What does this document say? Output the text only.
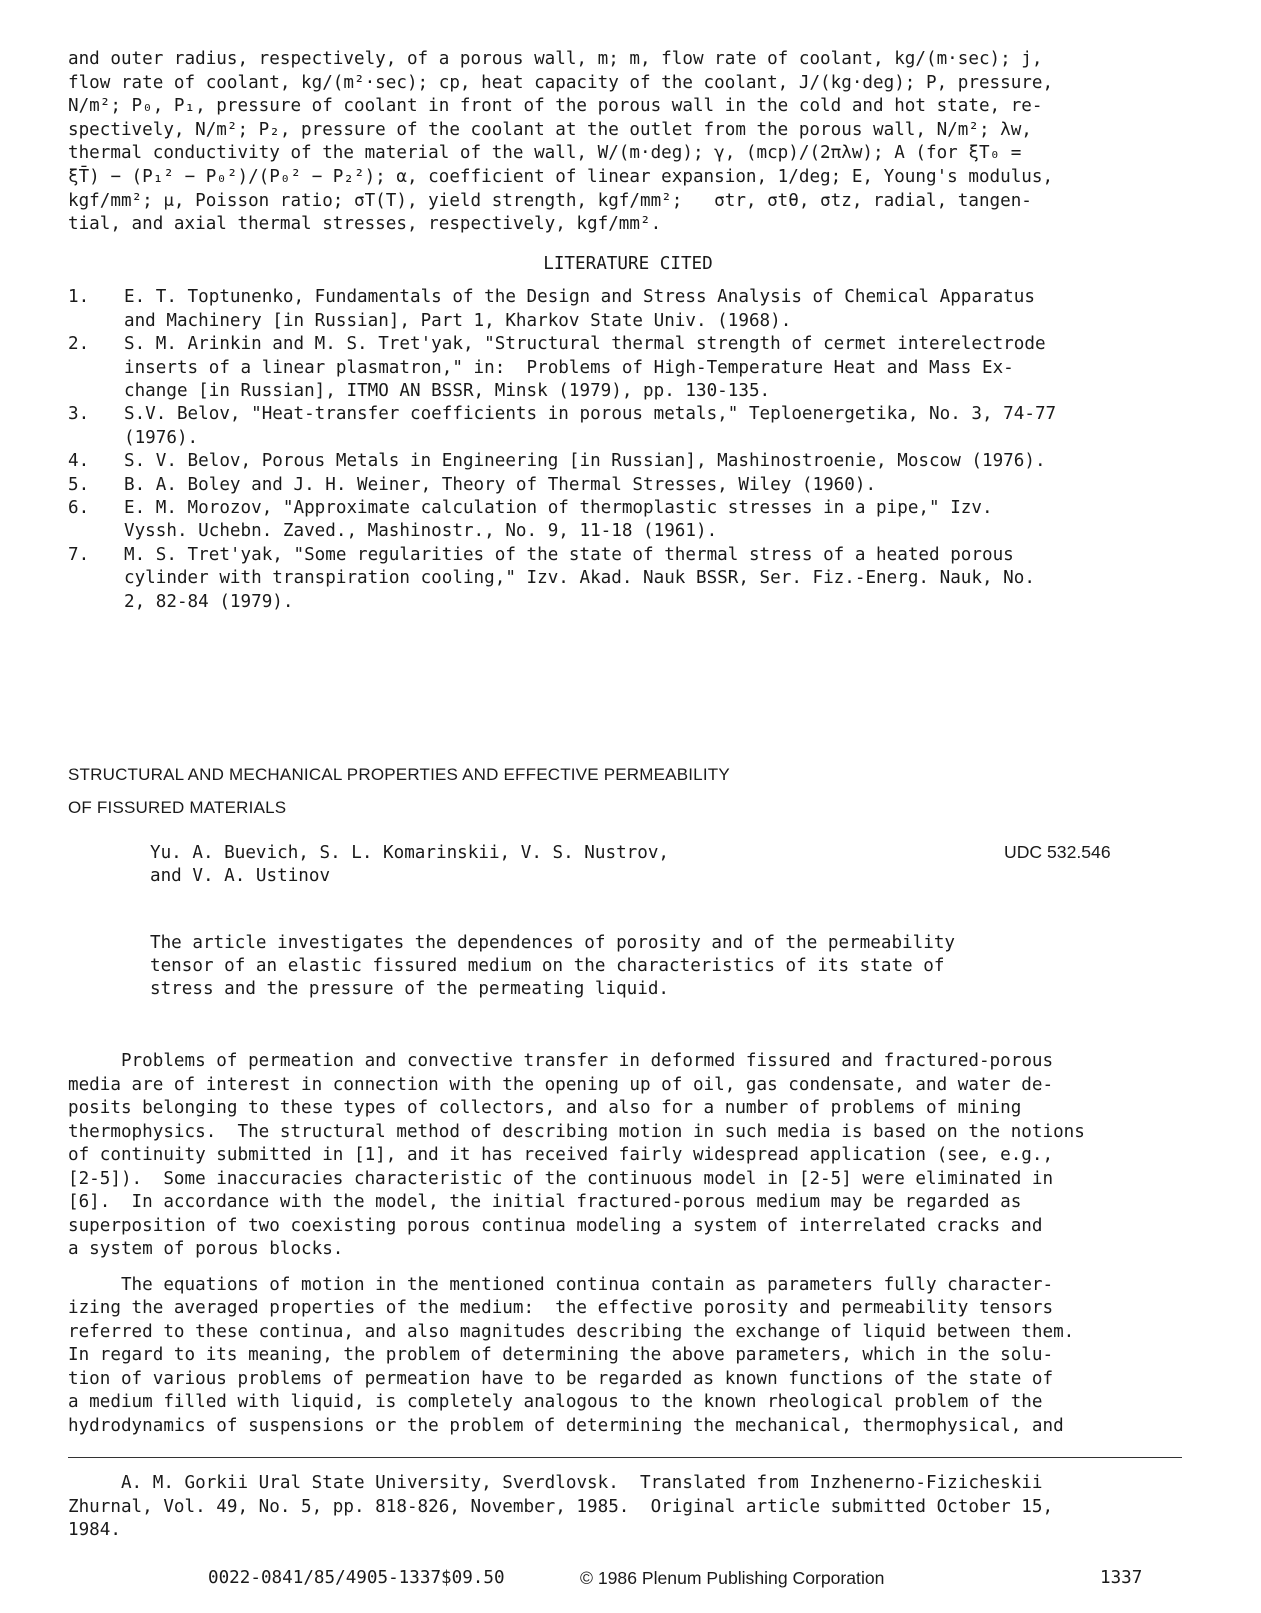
and outer radius, respectively, of a porous wall, m; m, flow rate of coolant, kg/(m·sec); j,
flow rate of coolant, kg/(m²·sec); cp, heat capacity of the coolant, J/(kg·deg); P, pressure,
N/m²; P₀, P₁, pressure of coolant in front of the porous wall in the cold and hot state, re-
spectively, N/m²; P₂, pressure of the coolant at the outlet from the porous wall, N/m²; λw,
thermal conductivity of the material of the wall, W/(m·deg); γ, (mcp)/(2πλw); A (for ξT₀ =
ξT̄) − (P₁² − P₀²)/(P₀² − P₂²); α, coefficient of linear expansion, 1/deg; E, Young's modulus,
kgf/mm²; μ, Poisson ratio; σT(T), yield strength, kgf/mm²;   σtr, σtθ, σtz, radial, tangen-
tial, and axial thermal stresses, respectively, kgf/mm².

LITERATURE CITED

1.	E. T. Toptunenko, Fundamentals of the Design and Stress Analysis of Chemical Apparatus
and Machinery [in Russian], Part 1, Kharkov State Univ. (1968).
2.	S. M. Arinkin and M. S. Tret'yak, "Structural thermal strength of cermet interelectrode
inserts of a linear plasmatron," in:  Problems of High-Temperature Heat and Mass Ex-
change [in Russian], ITMO AN BSSR, Minsk (1979), pp. 130-135.
3.	S.V. Belov, "Heat-transfer coefficients in porous metals," Teploenergetika, No. 3, 74-77
(1976).
4.	S. V. Belov, Porous Metals in Engineering [in Russian], Mashinostroenie, Moscow (1976).
5.	B. A. Boley and J. H. Weiner, Theory of Thermal Stresses, Wiley (1960).
6.	E. M. Morozov, "Approximate calculation of thermoplastic stresses in a pipe," Izv.
Vyssh. Uchebn. Zaved., Mashinostr., No. 9, 11-18 (1961).
7.	M. S. Tret'yak, "Some regularities of the state of thermal stress of a heated porous
cylinder with transpiration cooling," Izv. Akad. Nauk BSSR, Ser. Fiz.-Energ. Nauk, No.
2, 82-84 (1979).
STRUCTURAL AND MECHANICAL PROPERTIES AND EFFECTIVE PERMEABILITY
OF FISSURED MATERIALS
Yu. A. Buevich, S. L. Komarinskii, V. S. Nustrov,
and V. A. Ustinov
UDC 532.546
The article investigates the dependences of porosity and of the permeability
tensor of an elastic fissured medium on the characteristics of its state of
stress and the pressure of the permeating liquid.

Problems of permeation and convective transfer in deformed fissured and fractured-porous
media are of interest in connection with the opening up of oil, gas condensate, and water de-
posits belonging to these types of collectors, and also for a number of problems of mining
thermophysics.  The structural method of describing motion in such media is based on the notions
of continuity submitted in [1], and it has received fairly widespread application (see, e.g.,
[2-5]).  Some inaccuracies characteristic of the continuous model in [2-5] were eliminated in
[6].  In accordance with the model, the initial fractured-porous medium may be regarded as
superposition of two coexisting porous continua modeling a system of interrelated cracks and
a system of porous blocks.

The equations of motion in the mentioned continua contain as parameters fully character-
izing the averaged properties of the medium:  the effective porosity and permeability tensors
referred to these continua, and also magnitudes describing the exchange of liquid between them.
In regard to its meaning, the problem of determining the above parameters, which in the solu-
tion of various problems of permeation have to be regarded as known functions of the state of
a medium filled with liquid, is completely analogous to the known rheological problem of the
hydrodynamics of suspensions or the problem of determining the mechanical, thermophysical, and

A. M. Gorkii Ural State University, Sverdlovsk.  Translated from Inzhenerno-Fizicheskii
Zhurnal, Vol. 49, No. 5, pp. 818-826, November, 1985.  Original article submitted October 15,
1984.
0022-0841/85/4905-1337$09.50	© 1986 Plenum Publishing Corporation	1337
